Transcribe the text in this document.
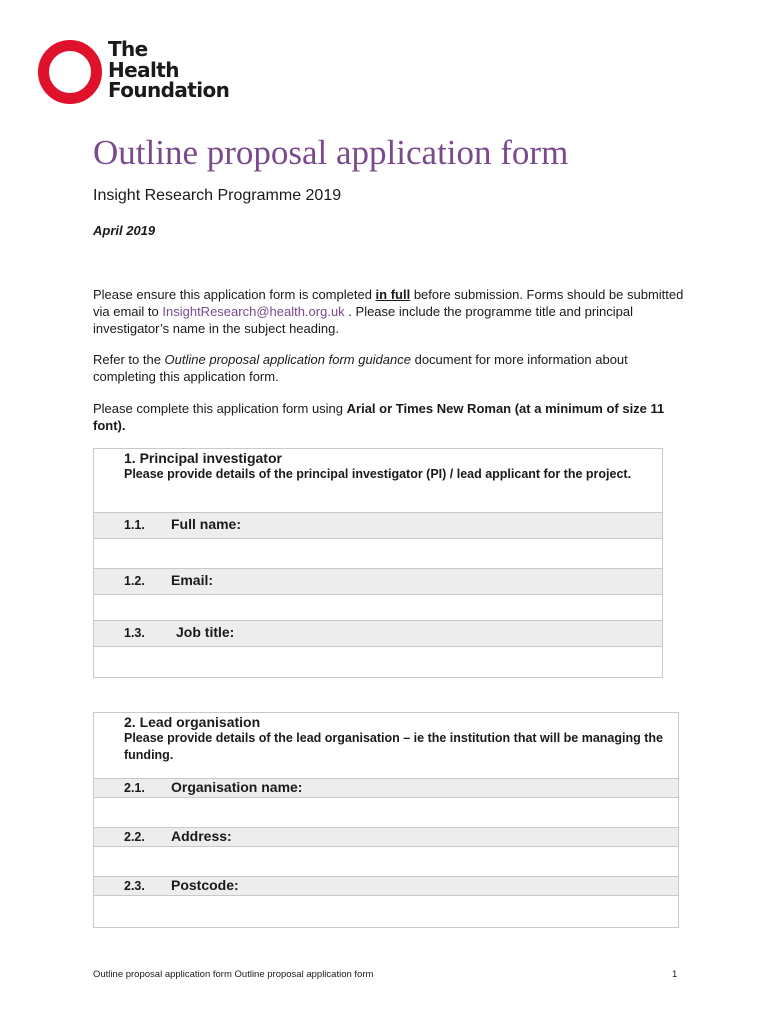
The
Health
Foundation
Outline proposal application form
Insight Research Programme 2019
April 2019
Please ensure this application form is completed in full before submission. Forms should be submitted via email to InsightResearch@health.org.uk . Please include the programme title and principal investigator’s name in the subject heading.
Refer to the Outline proposal application form guidance document for more information about completing this application form.
Please complete this application form using Arial or Times New Roman (at a minimum of size 11 font).
1. Principal investigator
Please provide details of the principal investigator (PI) / lead applicant for the project.
1.1. Full name:
1.2. Email:
1.3. Job title:
2. Lead organisation
Please provide details of the lead organisation – ie the institution that will be managing the funding.
2.1. Organisation name:
2.2. Address:
2.3. Postcode:
Outline proposal application form Outline proposal application form	1
